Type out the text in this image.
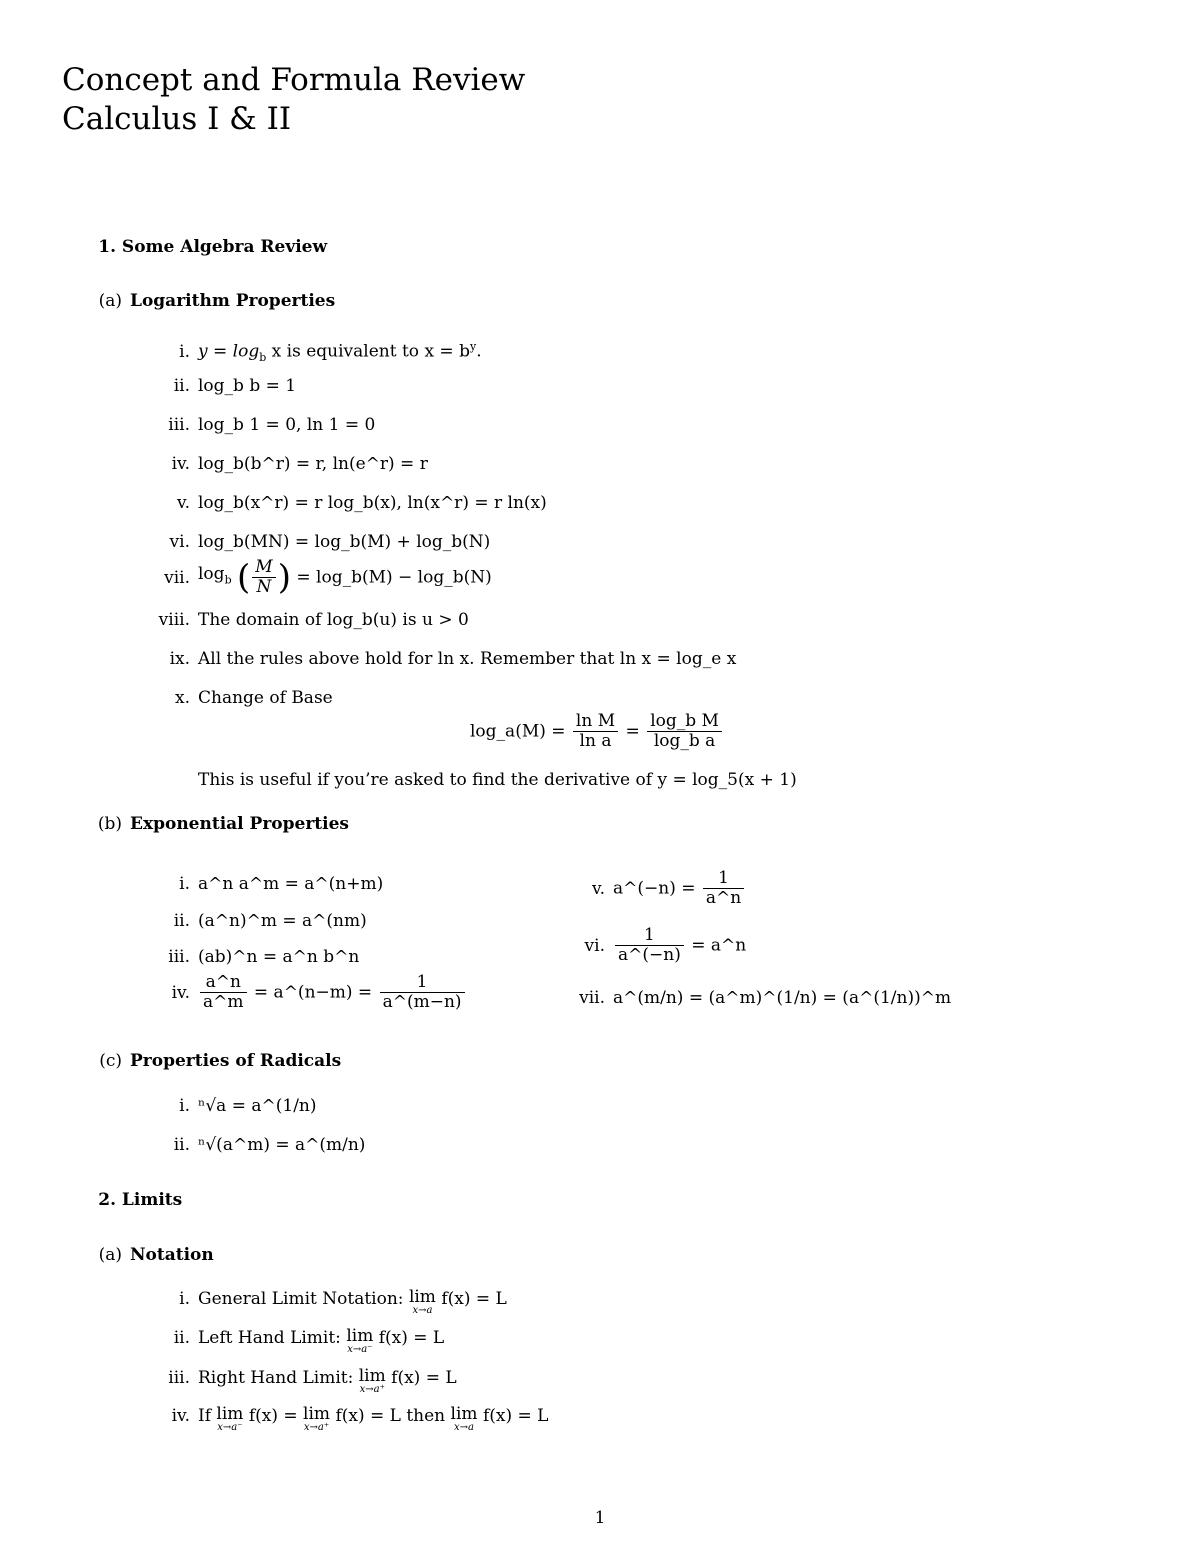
Concept and Formula Review
Calculus I & II
1. Some Algebra Review
(a) Logarithm Properties
i. $y = \log_b x$ is equivalent to $x = b^y$.
ii. log_b b = 1
iii. log_b 1 = 0, ln 1 = 0
iv. log_b(b^r) = r, ln(e^r) = r
v. log_b(x^r) = r log_b(x), ln(x^r) = r ln(x)
vi. log_b(MN) = log_b(M) + log_b(N)
vii. $\log_b$ ( $\frac{M}{N}$ ) = log_b(M) − log_b(N)
viii. The domain of log_b(u) is u > 0
ix. All the rules above hold for ln x. Remember that ln x = log_e x
x. Change of Base
log_a(M) = $\frac{\text{ln M}}{\text{ln a}} = \frac{\text{log\_b M}}{\text{log\_b a}}$
This is useful if you’re asked to find the derivative of y = log_5(x + 1)
(b) Exponential Properties
i. a^n a^m = a^(n+m)
ii. (a^n)^m = a^(nm)
iii. (ab)^n = a^n b^n
iv. $\frac{a\^{}n}{a\^{}m}$ = a^(n−m) = $\frac{1}{a\^{}(m-n)}$
v. a^(−n) = $\frac{1}{a\^{}n}$
vi. $\frac{1}{a\^{}(-n)}$ = a^n
vii. a^(m/n) = (a^m)^(1/n) = (a^(1/n))^m
(c) Properties of Radicals
i. ⁿ√a = a^(1/n)
ii. ⁿ√(a^m) = a^(m/n)
2. Limits
(a) Notation
i. General Limit Notation: lim
x→a
f(x) = L
ii. Left Hand Limit: lim
x→a⁻
f(x) = L
iii. Right Hand Limit: lim
x→a⁺
f(x) = L
iv. If lim
x→a⁻
f(x) = lim
x→a⁺
f(x) = L then lim
x→a
f(x) = L
1
